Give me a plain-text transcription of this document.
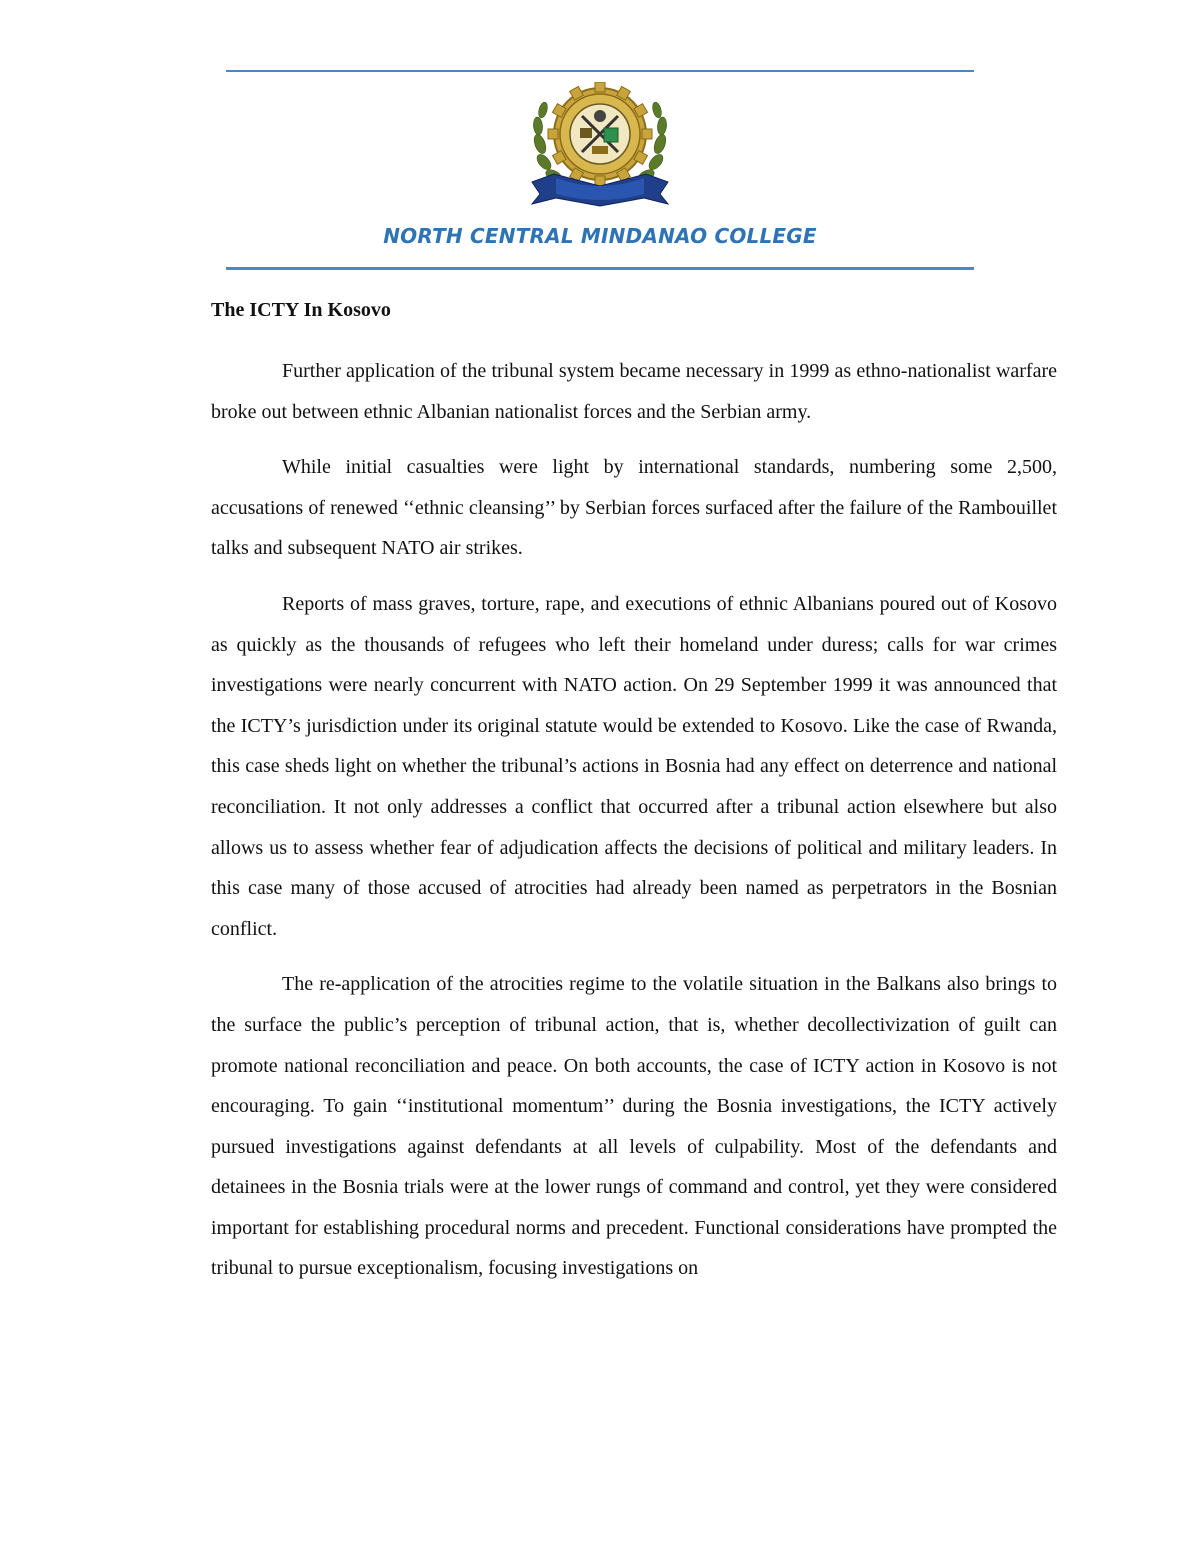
NORTH CENTRAL MINDANAO COLLEGE
The ICTY In Kosovo

Further application of the tribunal system became necessary in 1999 as ethno-nationalist warfare broke out between ethnic Albanian nationalist forces and the Serbian army.

While initial casualties were light by international standards, numbering some 2,500, accusations of renewed ‘‘ethnic cleansing’’ by Serbian forces surfaced after the failure of the Rambouillet talks and subsequent NATO air strikes.

Reports of mass graves, torture, rape, and executions of ethnic Albanians poured out of Kosovo as quickly as the thousands of refugees who left their homeland under duress; calls for war crimes investigations were nearly concurrent with NATO action. On 29 September 1999 it was announced that the ICTY’s jurisdiction under its original statute would be extended to Kosovo. Like the case of Rwanda, this case sheds light on whether the tribunal’s actions in Bosnia had any effect on deterrence and national reconciliation. It not only addresses a conflict that occurred after a tribunal action elsewhere but also allows us to assess whether fear of adjudication affects the decisions of political and military leaders. In this case many of those accused of atrocities had already been named as perpetrators in the Bosnian conflict.

The re-application of the atrocities regime to the volatile situation in the Balkans also brings to the surface the public’s perception of tribunal action, that is, whether decollectivization of guilt can promote national reconciliation and peace. On both accounts, the case of ICTY action in Kosovo is not encouraging. To gain ‘‘institutional momentum’’ during the Bosnia investigations, the ICTY actively pursued investigations against defendants at all levels of culpability. Most of the defendants and detainees in the Bosnia trials were at the lower rungs of command and control, yet they were considered important for establishing procedural norms and precedent. Functional considerations have prompted the tribunal to pursue exceptionalism, focusing investigations on
